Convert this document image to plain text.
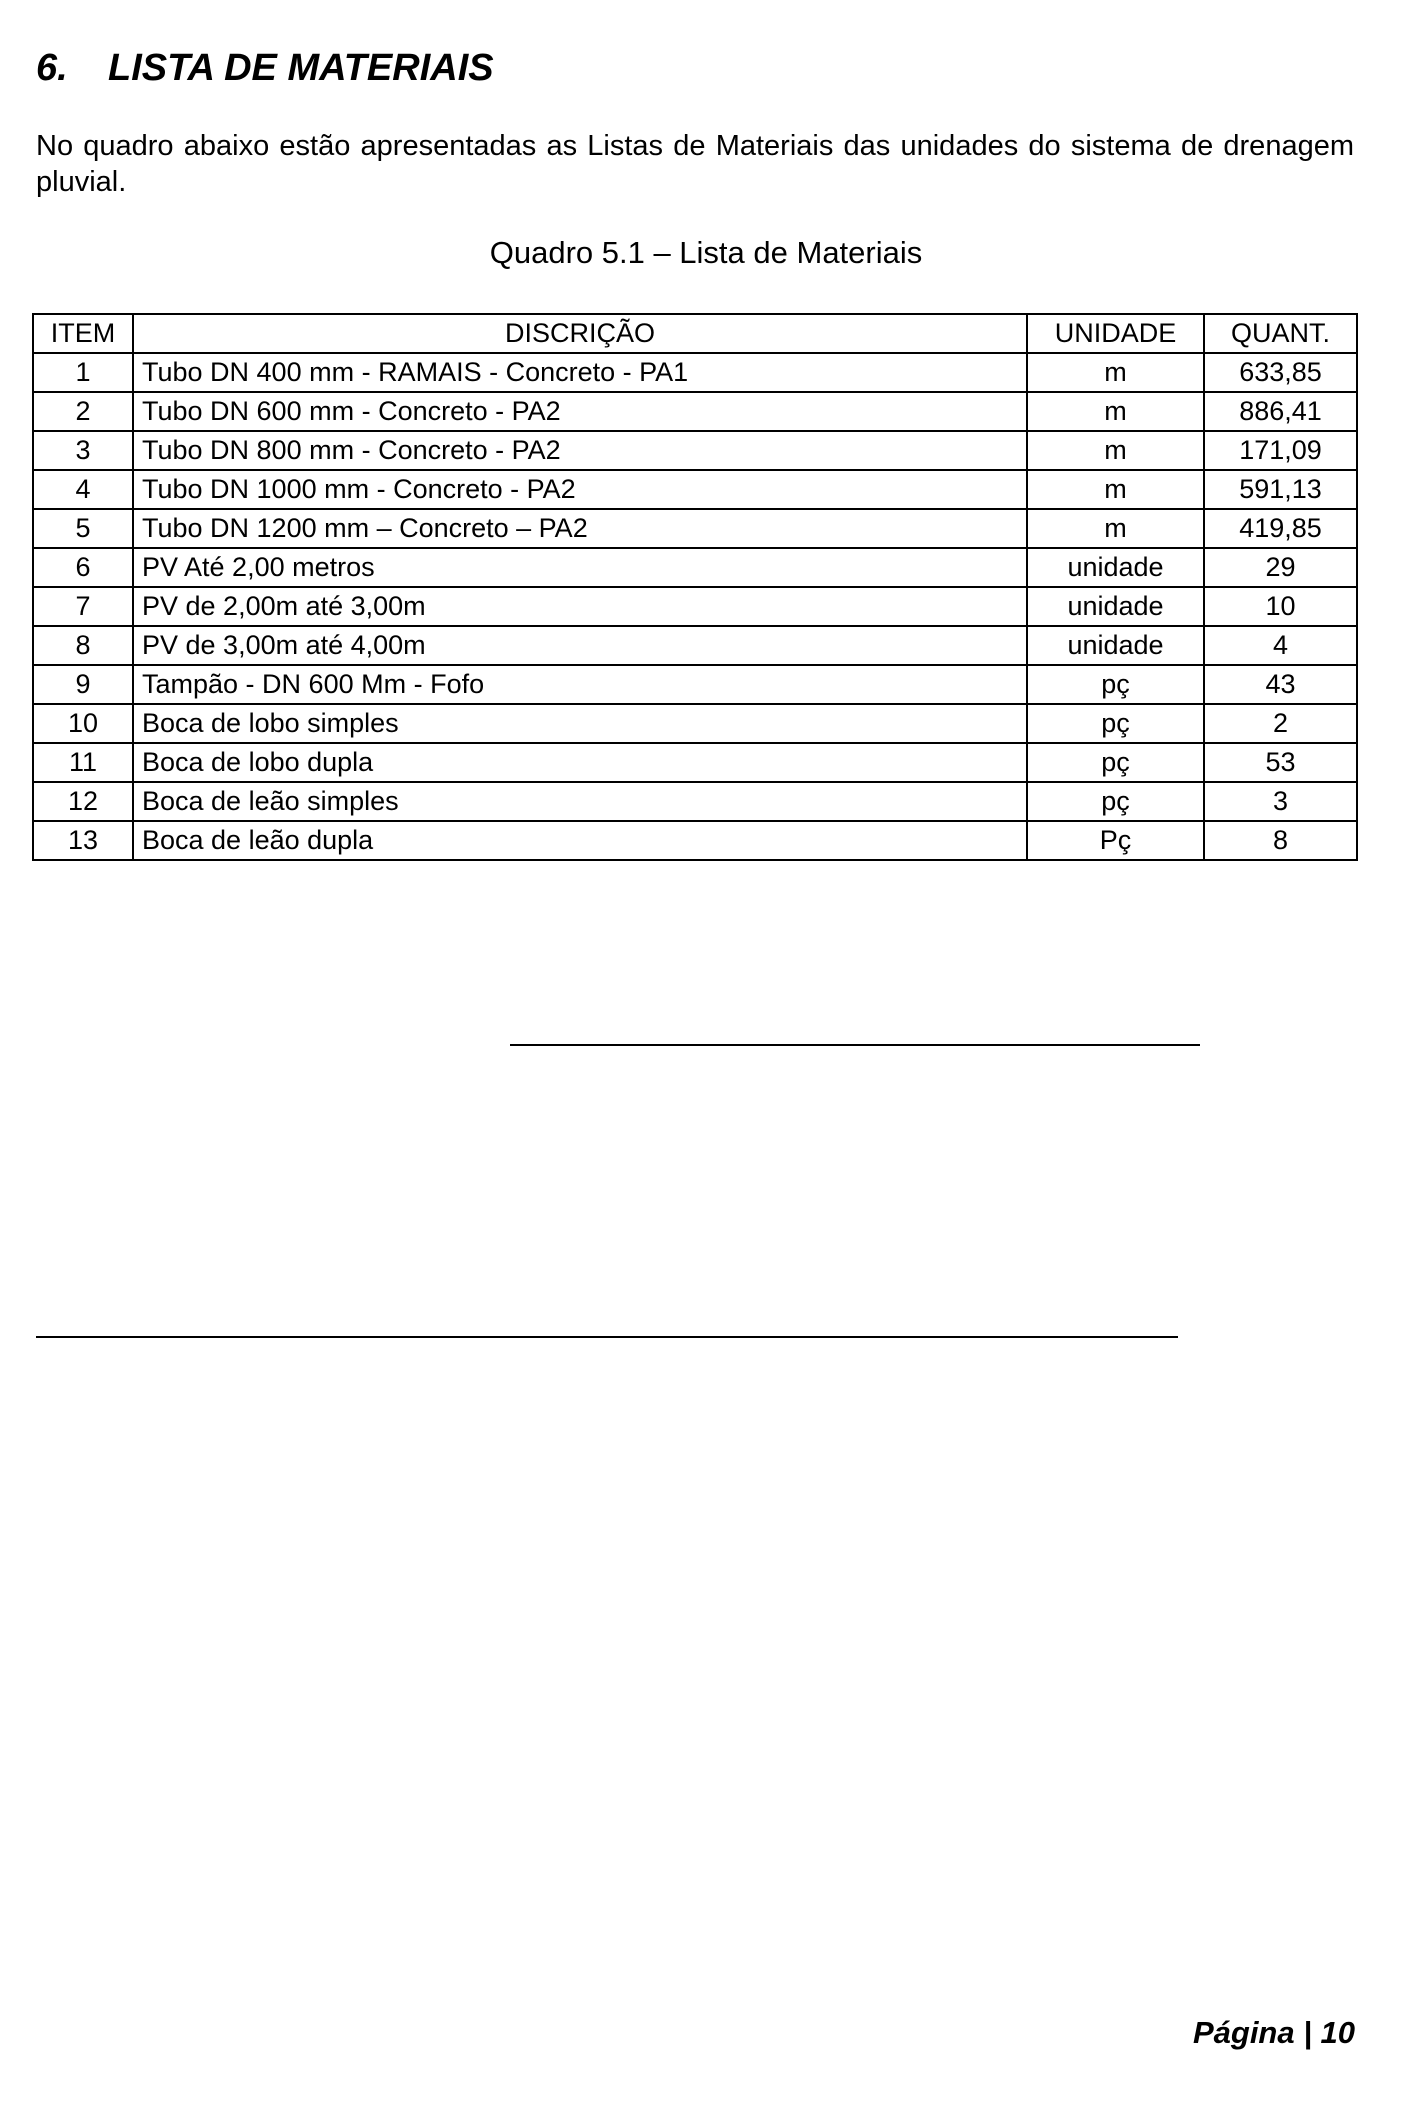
6. LISTA DE MATERIAIS

No quadro abaixo estão apresentadas as Listas de Materiais das unidades do sistema de drenagem pluvial.

Quadro 5.1 – Lista de Materiais

ITEM	DISCRIÇÃO	UNIDADE	QUANT.
1	Tubo DN 400 mm - RAMAIS - Concreto - PA1	m	633,85
2	Tubo DN 600 mm - Concreto - PA2	m	886,41
3	Tubo DN 800 mm - Concreto - PA2	m	171,09
4	Tubo DN 1000 mm - Concreto - PA2	m	591,13
5	Tubo DN 1200 mm – Concreto – PA2	m	419,85
6	PV Até 2,00 metros	unidade	29
7	PV de 2,00m até 3,00m	unidade	10
8	PV de 3,00m até 4,00m	unidade	4
9	Tampão - DN 600 Mm - Fofo	pç	43
10	Boca de lobo simples	pç	2
11	Boca de lobo dupla	pç	53
12	Boca de leão simples	pç	3
13	Boca de leão dupla	Pç	8
Página | 10
